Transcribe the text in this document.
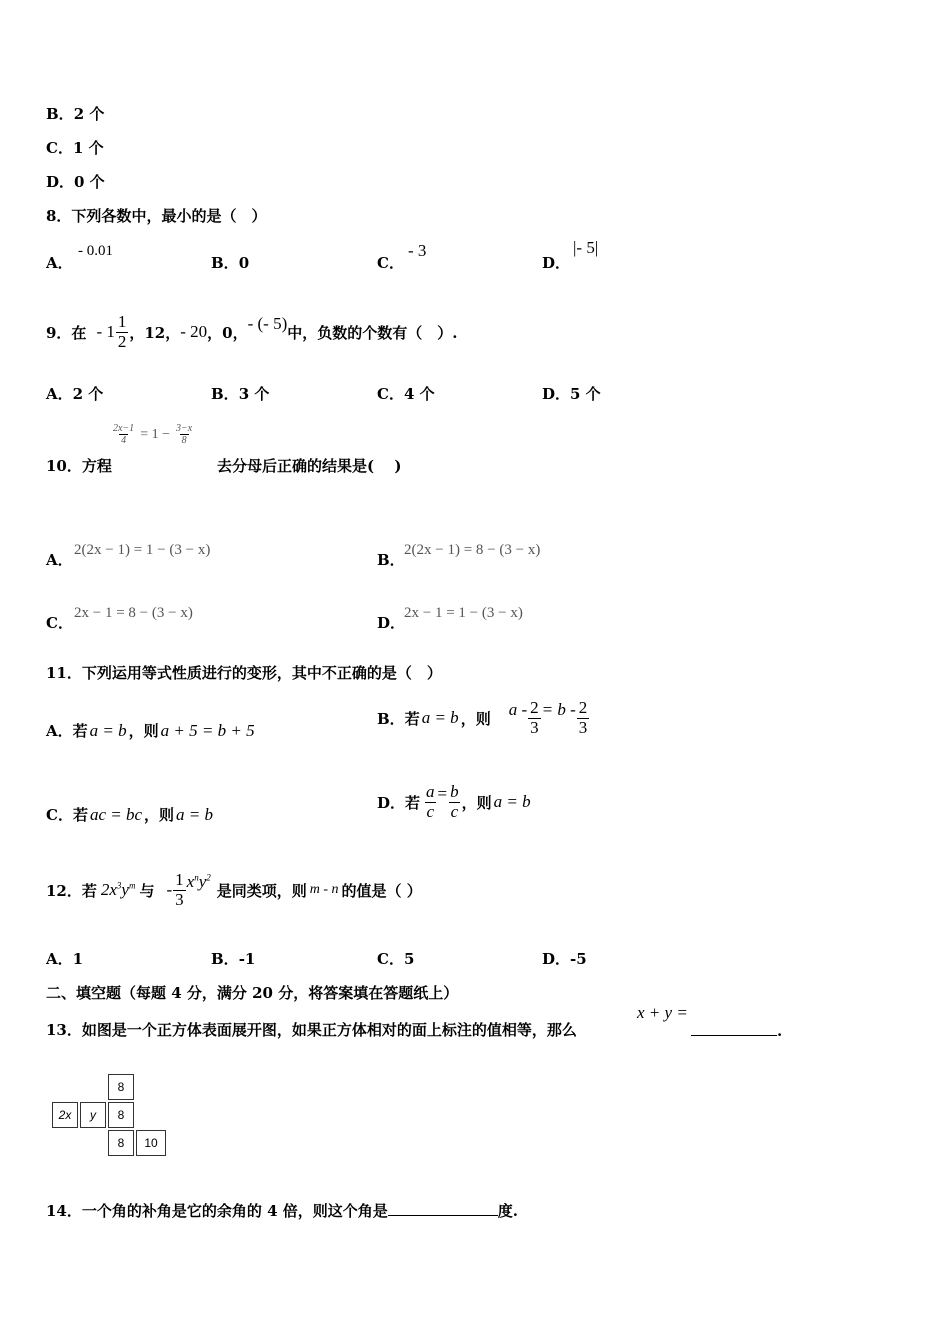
B．2 个
C．1 个
D．0 个
8．下列各数中，最小的是（　）
A．
- 0.01
B．0	C．
- 3
D．
|- 5|
9．在 - $1 \frac{1}{2}$ ，12， - 20 ，0， - (- 5) 中，负数的个数有（　）.
A．2 个	B．3 个	C．4 个	D．5 个
$\frac{2x-1}{4} = 1 - \frac{3-x}{8}$
10．方程	去分母后正确的结果是(　 )
A．
2(2x − 1) = 1 − (3 − x)
B．
2(2x − 1) = 8 − (3 − x)
C．
2x − 1 = 8 − (3 − x)
D．
2x − 1 = 1 − (3 − x)
11．下列运用等式性质进行的变形，其中不正确的是（　）
A． 若 a = b ，则 a + 5 = b + 5
B． 若 a = b ，则 $a - \frac{2}{3} = b - \frac{2}{3}$
C． 若 ac = bc ，则 a = b
D． 若 $\frac{a}{c} = \frac{b}{c}$ ，则 a = b
12．若 $2x^3y^m$ 与 - $\frac{1}{3} x^ny^2$
是同类项，则 m - n 的值是（ ）
A．1	B．-1	C．5	D．-5
二、填空题（每题 4 分，满分 20 分，将答案填在答题纸上）
13．如图是一个正方体表面展开图，如果正方体相对的面上标注的值相等，那么
x + y =
.
8
2x	y	8
8	10
14．一个角的补角是它的余角的 4 倍，则这个角是	度.
